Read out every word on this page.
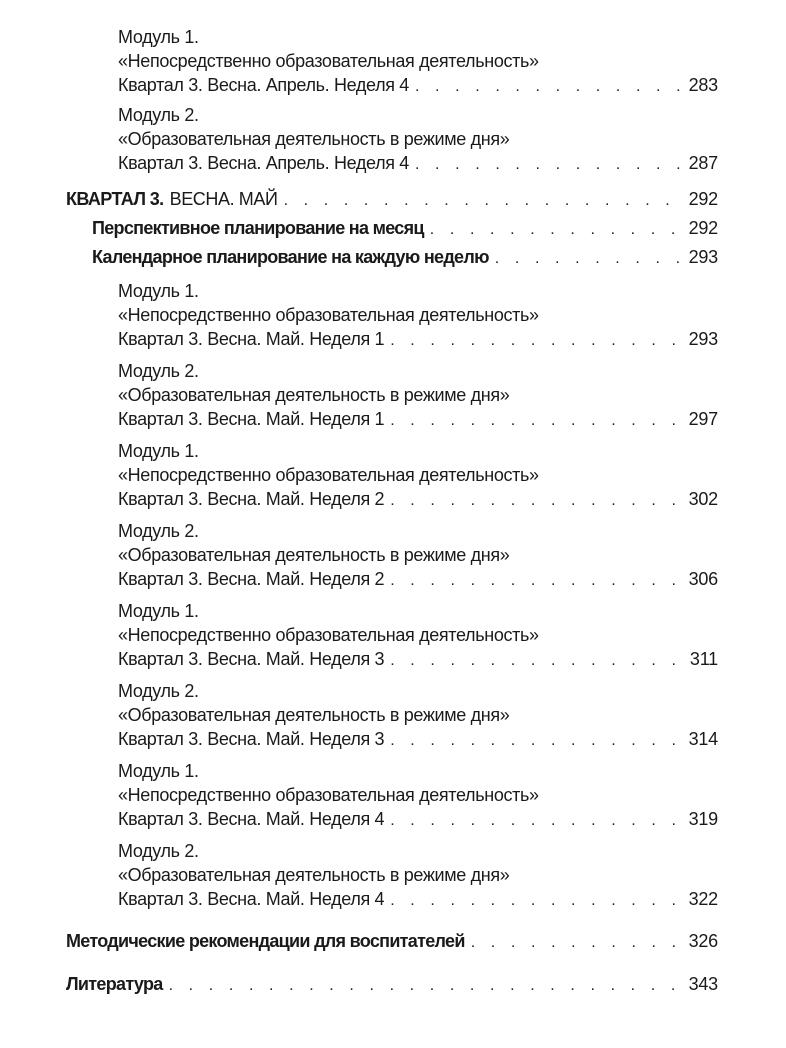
Модуль 1.
«Непосредственно образовательная деятельность»
Квартал 3. Весна. Апрель. Неделя 4 . . .	283
Модуль 2.
«Образовательная деятельность в режиме дня»
Квартал 3. Весна. Апрель. Неделя 4 . . .	287
КВАРТАЛ 3. ВЕСНА. МАЙ . . .	292
Перспективное планирование на месяц . . .	292
Календарное планирование на каждую неделю . . .	293
Модуль 1.
«Непосредственно образовательная деятельность»
Квартал 3. Весна. Май. Неделя 1 . . .	293
Модуль 2.
«Образовательная деятельность в режиме дня»
Квартал 3. Весна. Май. Неделя 1 . . .	297
Модуль 1.
«Непосредственно образовательная деятельность»
Квартал 3. Весна. Май. Неделя 2 . . .	302
Модуль 2.
«Образовательная деятельность в режиме дня»
Квартал 3. Весна. Май. Неделя 2 . . .	306
Модуль 1.
«Непосредственно образовательная деятельность»
Квартал 3. Весна. Май. Неделя 3 . . .	311
Модуль 2.
«Образовательная деятельность в режиме дня»
Квартал 3. Весна. Май. Неделя 3 . . .	314
Модуль 1.
«Непосредственно образовательная деятельность»
Квартал 3. Весна. Май. Неделя 4 . . .	319
Модуль 2.
«Образовательная деятельность в режиме дня»
Квартал 3. Весна. Май. Неделя 4 . . .	322
Методические рекомендации для воспитателей . . .	326
Литература . . .	343
